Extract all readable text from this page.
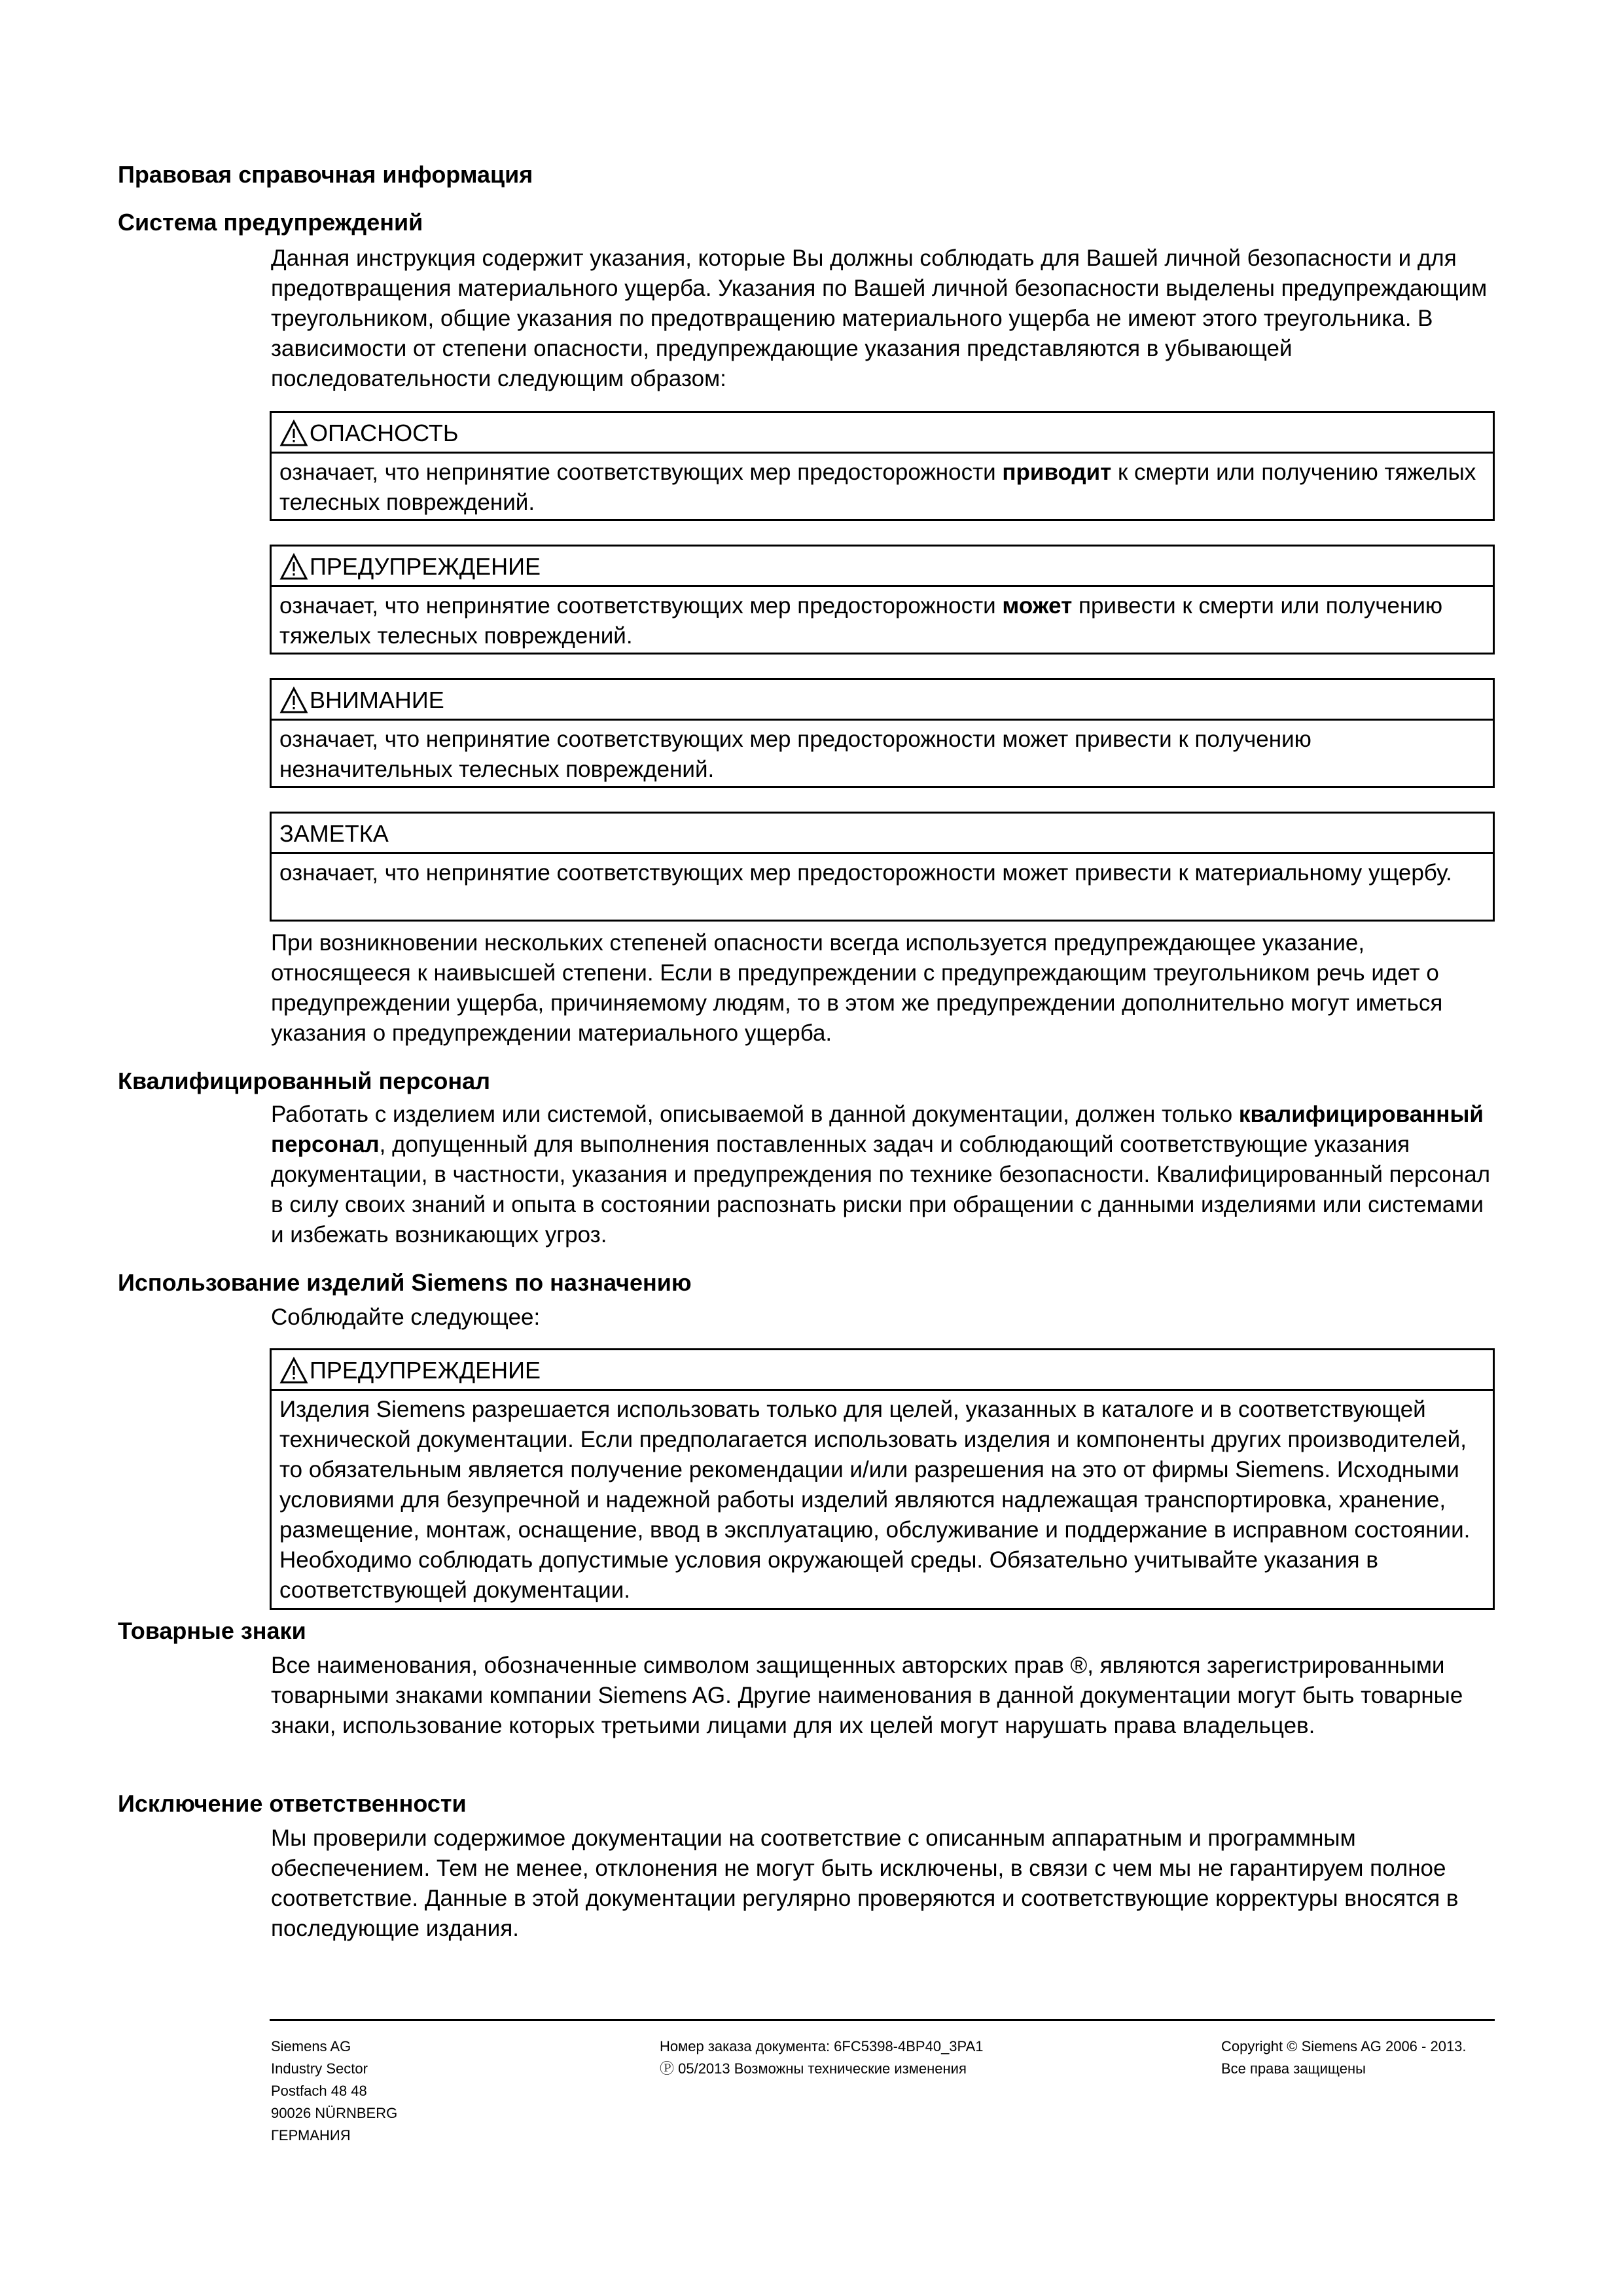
Правовая справочная информация
Система предупреждений

Данная инструкция содержит указания, которые Вы должны соблюдать для Вашей личной безопасности и для предотвращения материального ущерба. Указания по Вашей личной безопасности выделены предупреждающим треугольником, общие указания по предотвращению материального ущерба не имеют этого треугольника. В зависимости от степени опасности, предупреждающие указания представляются в убывающей последовательности следующим образом:

ОПАСНОСТЬ
означает, что непринятие соответствующих мер предосторожности приводит к смерти или получению тяжелых телесных повреждений.
ПРЕДУПРЕЖДЕНИЕ
означает, что непринятие соответствующих мер предосторожности может привести к смерти или получению тяжелых телесных повреждений.
ВНИМАНИЕ
означает, что непринятие соответствующих мер предосторожности может привести к получению незначительных телесных повреждений.
ЗАМЕТКА
означает, что непринятие соответствующих мер предосторожности может привести к материальному ущербу.

При возникновении нескольких степеней опасности всегда используется предупреждающее указание, относящееся к наивысшей степени. Если в предупреждении с предупреждающим треугольником речь идет о предупреждении ущерба, причиняемому людям, то в этом же предупреждении дополнительно могут иметься указания о предупреждении материального ущерба.

Квалифицированный персонал

Работать с изделием или системой, описываемой в данной документации, должен только квалифицированный персонал, допущенный для выполнения поставленных задач и соблюдающий соответствующие указания документации, в частности, указания и предупреждения по технике безопасности. Квалифицированный персонал в силу своих знаний и опыта в состоянии распознать риски при обращении с данными изделиями или системами и избежать возникающих угроз.

Использование изделий Siemens по назначению

Соблюдайте следующее:

ПРЕДУПРЕЖДЕНИЕ
Изделия Siemens разрешается использовать только для целей, указанных в каталоге и в соответствующей технической документации. Если предполагается использовать изделия и компоненты других производителей, то обязательным является получение рекомендации и/или разрешения на это от фирмы Siemens. Исходными условиями для безупречной и надежной работы изделий являются надлежащая транспортировка, хранение, размещение, монтаж, оснащение, ввод в эксплуатацию, обслуживание и поддержание в исправном состоянии. Необходимо соблюдать допустимые условия окружающей среды. Обязательно учитывайте указания в соответствующей документации.
Товарные знаки

Все наименования, обозначенные символом защищенных авторских прав ®, являются зарегистрированными товарными знаками компании Siemens AG. Другие наименования в данной документации могут быть товарные знаки, использование которых третьими лицами для их целей могут нарушать права владельцев.

Исключение ответственности

Мы проверили содержимое документации на соответствие с описанным аппаратным и программным обеспечением. Тем не менее, отклонения не могут быть исключены, в связи с чем мы не гарантируем полное соответствие. Данные в этой документации регулярно проверяются и соответствующие корректуры вносятся в последующие издания.

Siemens AG
Industry Sector
Postfach 48 48
90026 NÜRNBERG
ГЕРМАНИЯ

Номер заказа документа: 6FC5398-4BP40_3PA1
Ⓟ 05/2013 Возможны технические изменения

Copyright © Siemens AG 2006 - 2013.
Все права защищены
